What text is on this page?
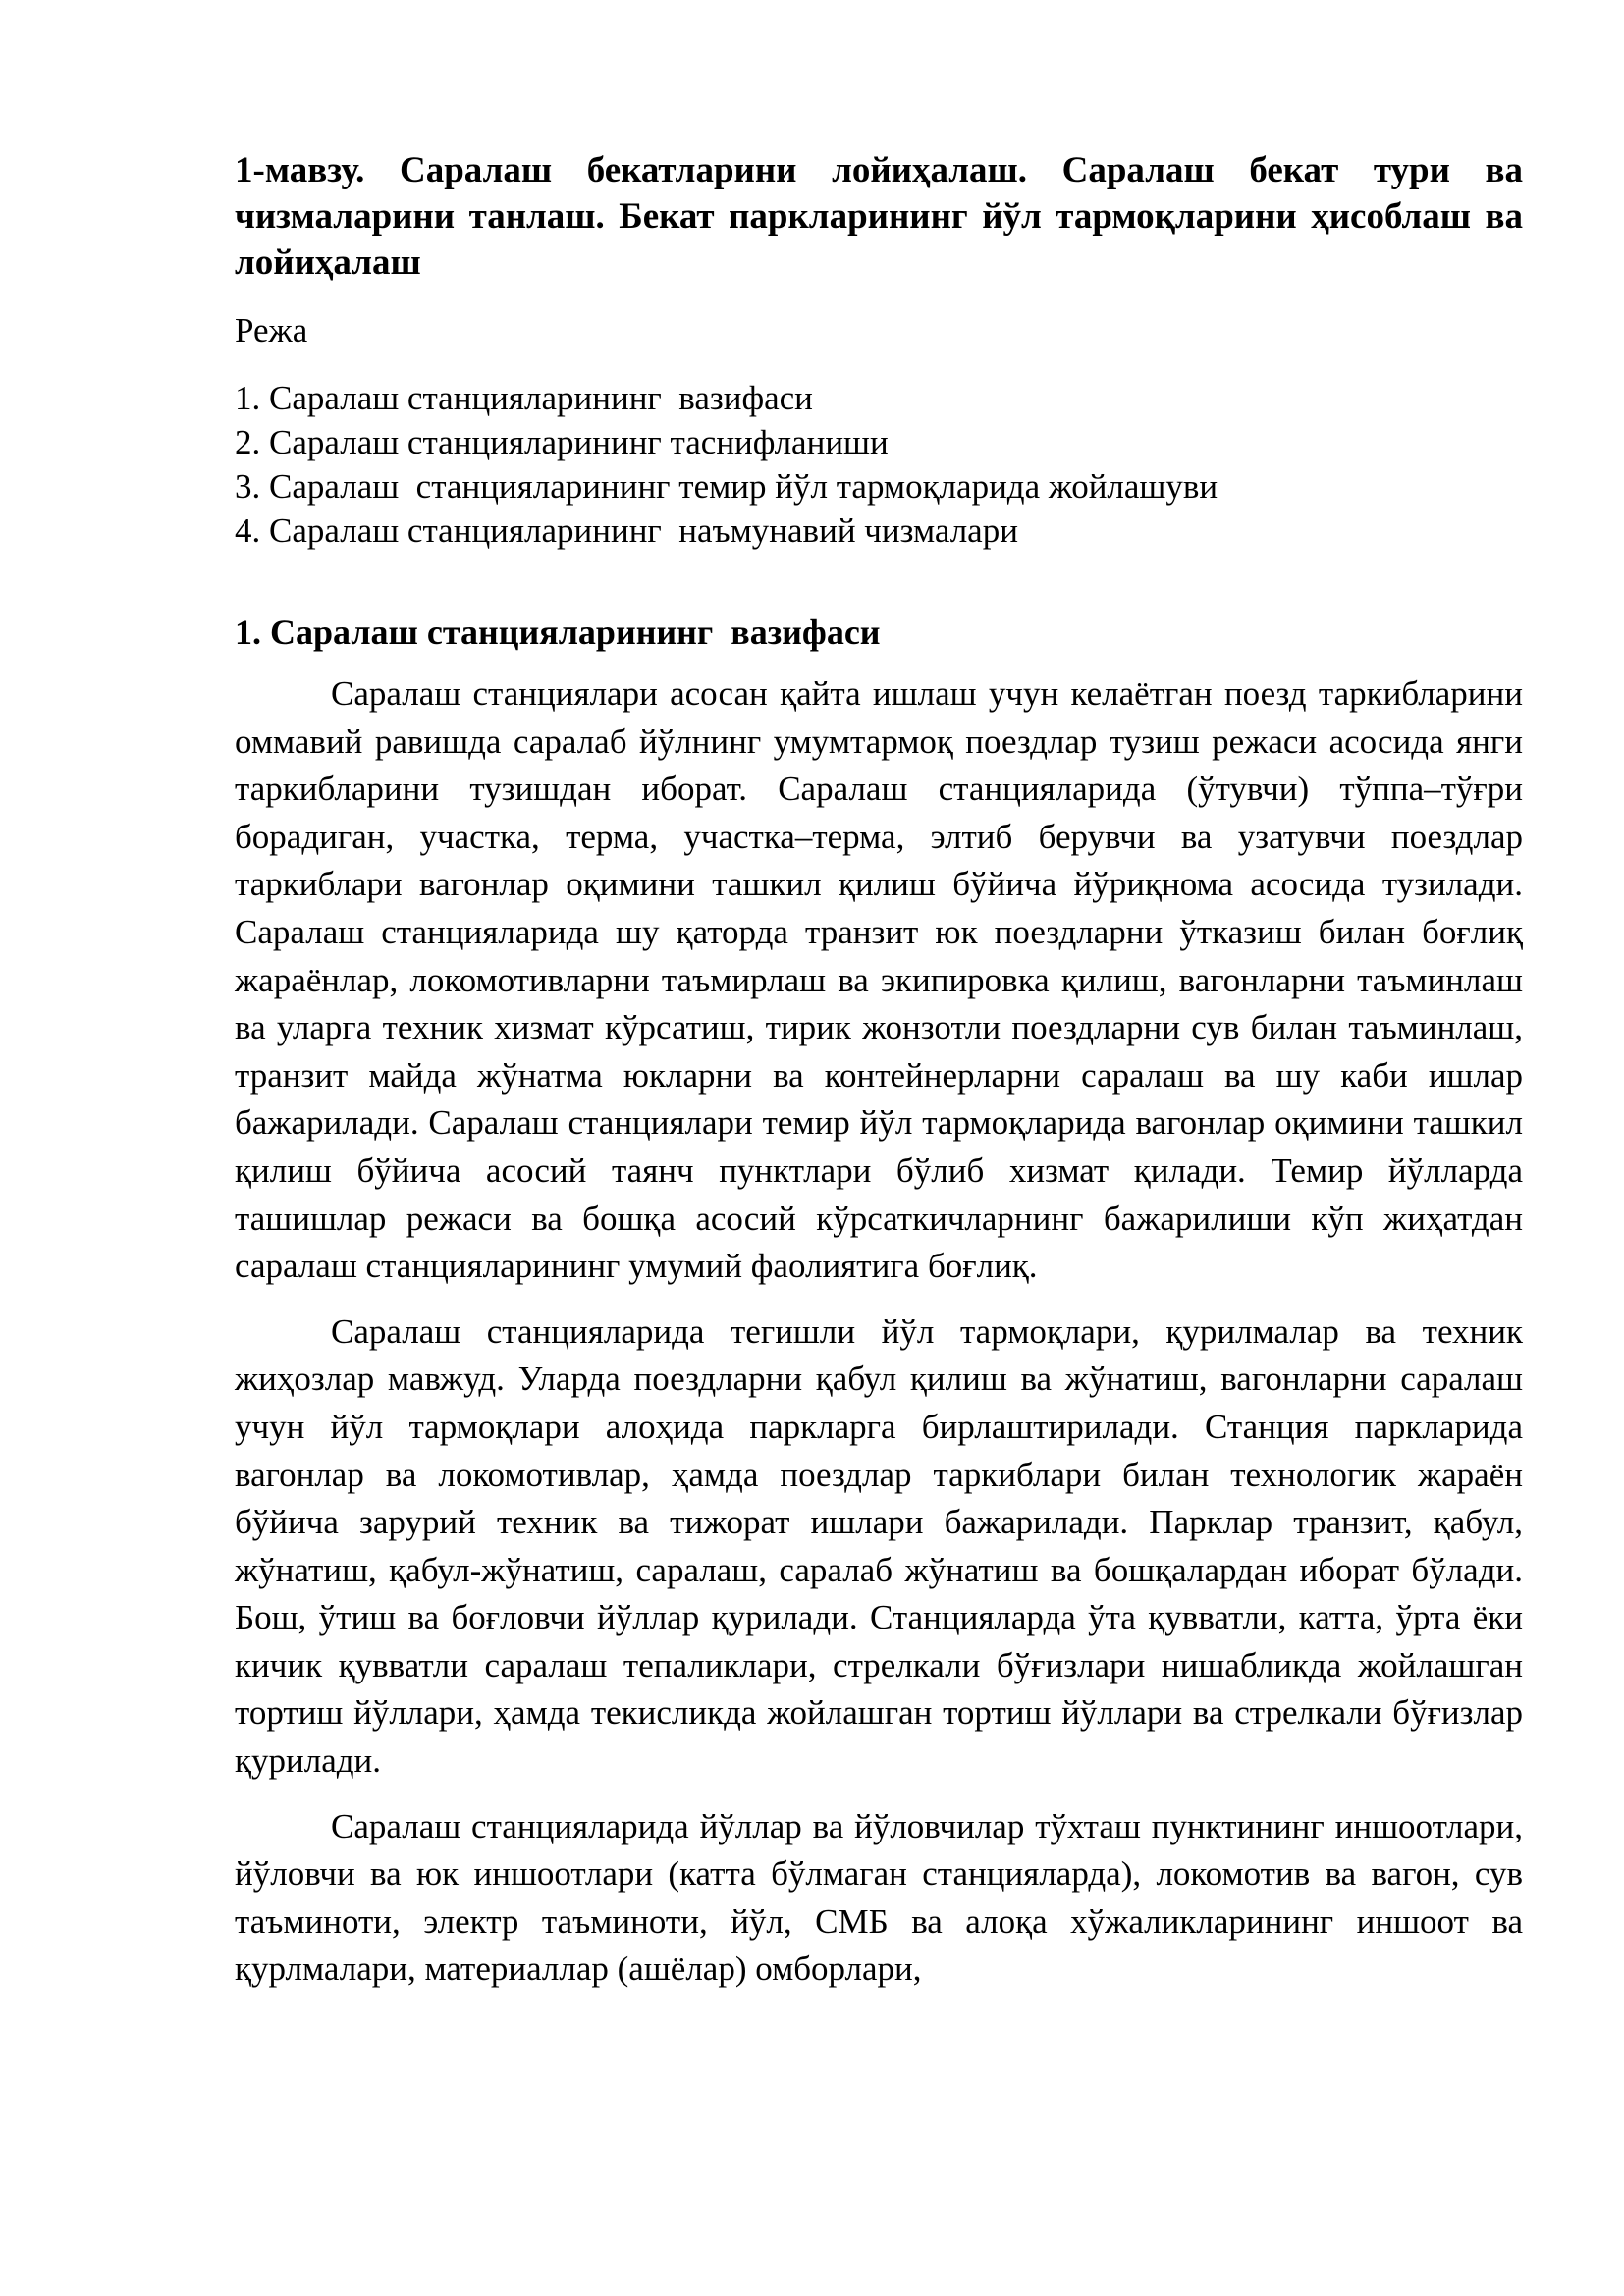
1-мавзу. Саралаш бекатларини лойиҳалаш. Саралаш бекат тури ва чизмаларини танлаш. Бекат паркларининг йўл тармоқларини ҳисоблаш ва лойиҳалаш

Режа

1. Саралаш станцияларининг  вазифаси
2. Саралаш станцияларининг таснифланиши
3. Саралаш  станцияларининг темир йўл тармоқларида жойлашуви
4. Саралаш станцияларининг  наъмунавий чизмалари

1. Саралаш станцияларининг  вазифаси

Саралаш станциялари асосан қайта ишлаш учун келаётган поезд таркибларини оммавий равишда саралаб йўлнинг умумтармоқ поездлар тузиш режаси асосида янги таркибларини тузишдан иборат. Саралаш станцияларида (ўтувчи) тўппа–тўғри борадиган, участка, терма, участка–терма, элтиб берувчи ва узатувчи поездлар таркиблари вагонлар оқимини ташкил қилиш бўйича йўриқнома асосида тузилади. Саралаш станцияларида шу қаторда транзит юк поездларни ўтказиш билан боғлиқ жараёнлар, локомотивларни таъмирлаш ва экипировка қилиш, вагонларни таъминлаш ва уларга техник хизмат кўрсатиш, тирик жонзотли поездларни сув билан таъминлаш, транзит майда жўнатма юкларни ва контейнерларни саралаш ва шу каби ишлар бажарилади. Саралаш станциялари темир йўл тармоқларида вагонлар оқимини ташкил қилиш бўйича асосий таянч пунктлари бўлиб хизмат қилади. Темир йўлларда ташишлар режаси ва бошқа асосий кўрсаткичларнинг бажарилиши кўп жиҳатдан саралаш станцияларининг умумий фаолиятига боғлиқ.

Саралаш станцияларида тегишли йўл тармоқлари, қурилмалар ва техник жиҳозлар мавжуд. Уларда поездларни қабул қилиш ва жўнатиш, вагонларни саралаш учун йўл тармоқлари алоҳида паркларга бирлаштирилади. Станция паркларида вагонлар ва локомотивлар, ҳамда поездлар таркиблари билан технологик жараён бўйича зарурий техник ва тижорат ишлари бажарилади. Парклар транзит, қабул, жўнатиш, қабул-жўнатиш, саралаш, саралаб жўнатиш ва бошқалардан иборат бўлади. Бош, ўтиш ва боғловчи йўллар қурилади. Станцияларда ўта қувватли, катта, ўрта ёки кичик қувватли саралаш тепаликлари, стрелкали бўғизлари нишабликда жойлашган тортиш йўллари, ҳамда текисликда жойлашган тортиш йўллари ва стрелкали бўғизлар қурилади.

Саралаш станцияларида йўллар ва йўловчилар тўхташ пунктининг иншоотлари, йўловчи ва юк иншоотлари (катта бўлмаган станцияларда), локомотив ва вагон, сув таъминоти, электр таъминоти, йўл, СМБ ва алоқа хўжаликларининг иншоот ва қурлмалари, материаллар (ашёлар) омборлари,
